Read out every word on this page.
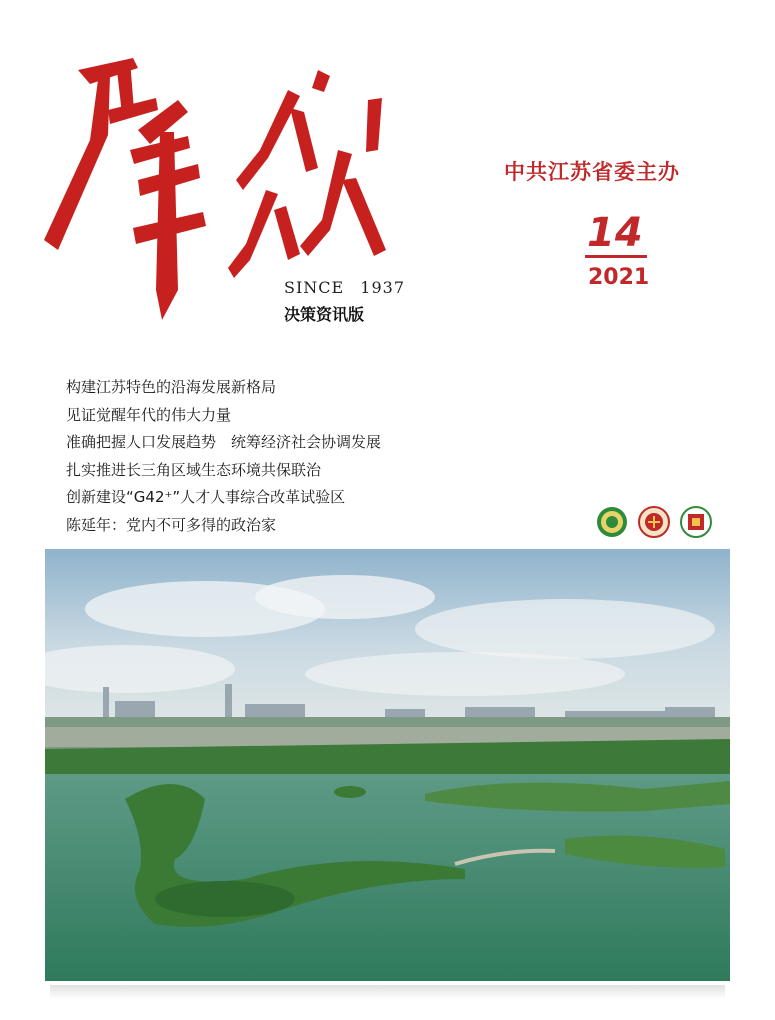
SINCE 1937
决策资讯版
中共江苏省委主办
14
2021
构建江苏特色的沿海发展新格局
见证觉醒年代的伟大力量
准确把握人口发展趋势　统筹经济社会协调发展
扎实推进长三角区域生态环境共保联治
创新建设“G42⁺”人才人事综合改革试验区
陈延年：党内不可多得的政治家
